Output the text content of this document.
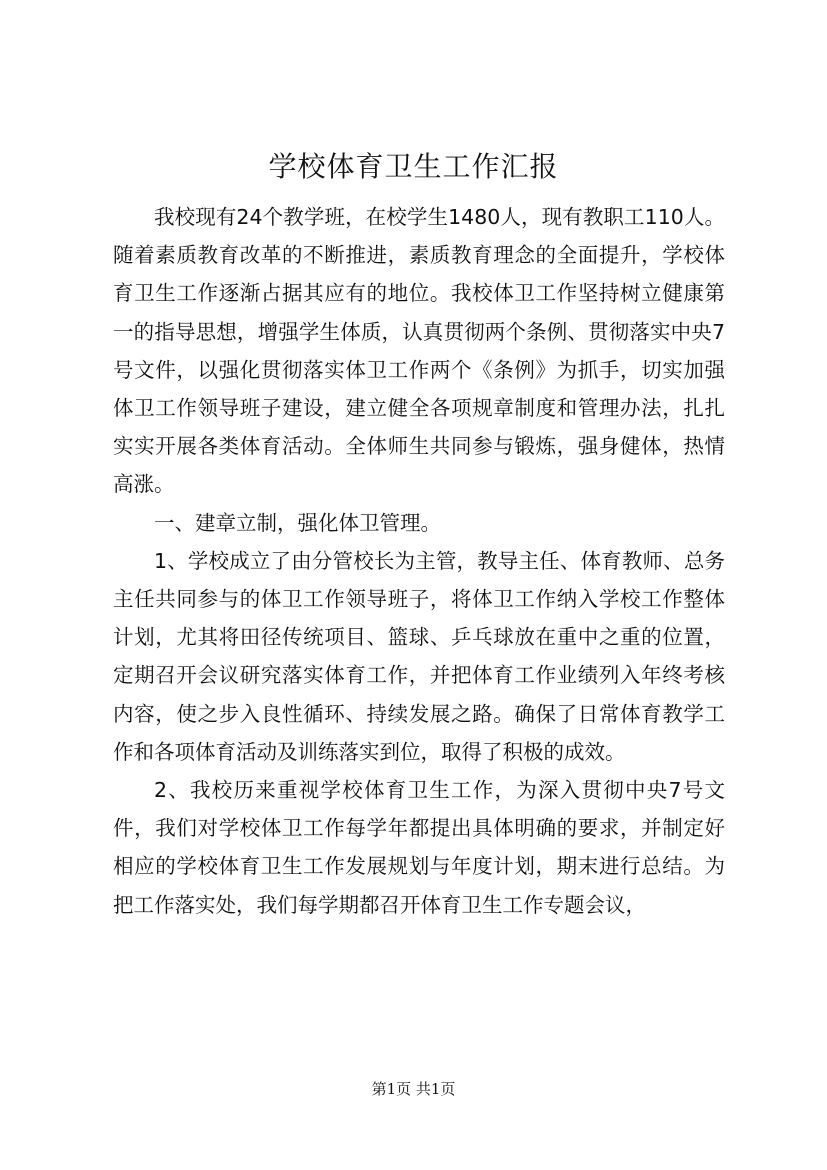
学校体育卫生工作汇报

我校现有24个教学班，在校学生1480人，现有教职工110人。随着素质教育改革的不断推进，素质教育理念的全面提升，学校体育卫生工作逐渐占据其应有的地位。我校体卫工作坚持树立健康第一的指导思想，增强学生体质，认真贯彻两个条例、贯彻落实中央7号文件，以强化贯彻落实体卫工作两个《条例》为抓手，切实加强体卫工作领导班子建设，建立健全各项规章制度和管理办法，扎扎实实开展各类体育活动。全体师生共同参与锻炼，强身健体，热情高涨。

一、建章立制，强化体卫管理。

1、学校成立了由分管校长为主管，教导主任、体育教师、总务主任共同参与的体卫工作领导班子，将体卫工作纳入学校工作整体计划，尤其将田径传统项目、篮球、乒乓球放在重中之重的位置，定期召开会议研究落实体育工作，并把体育工作业绩列入年终考核内容，使之步入良性循环、持续发展之路。确保了日常体育教学工作和各项体育活动及训练落实到位，取得了积极的成效。

2、我校历来重视学校体育卫生工作，为深入贯彻中央7号文件，我们对学校体卫工作每学年都提出具体明确的要求，并制定好相应的学校体育卫生工作发展规划与年度计划，期末进行总结。为把工作落实处，我们每学期都召开体育卫生工作专题会议，

第1页 共1页
